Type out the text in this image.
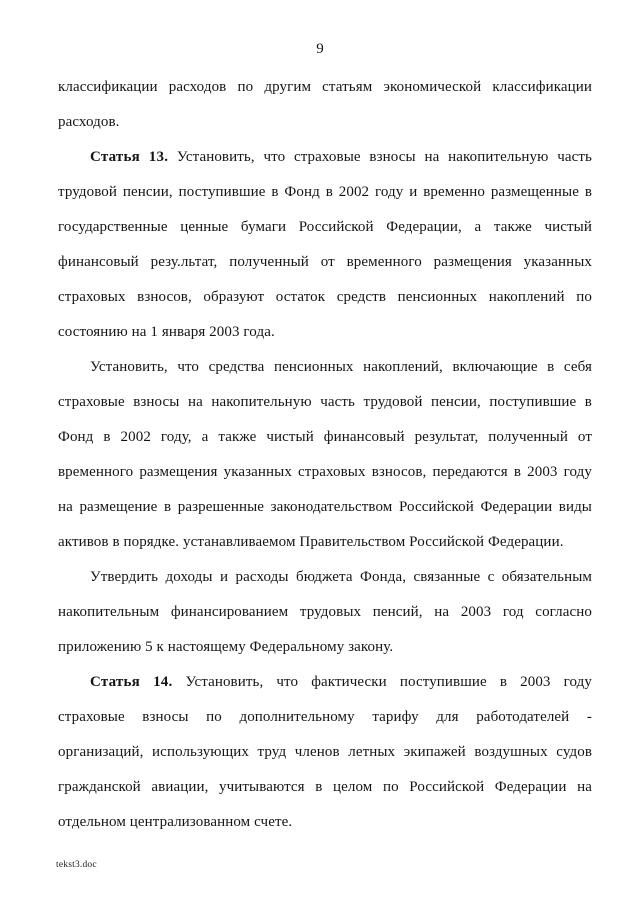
9
классификации расходов по другим статьям экономической классификации
расходов.
Статья 13. Установить, что страховые взносы на накопительную часть
трудовой пенсии, поступившие в Фонд в 2002 году и временно размещенные в
государственные ценные бумаги Российской Федерации, а также чистый
финансовый резу.льтат, полученный от временного размещения указанных
страховых взносов, образуют остаток средств пенсионных накоплений по
состоянию на 1 января 2003 года.
Установить, что средства пенсионных накоплений, включающие в себя
страховые взносы на накопительную часть трудовой пенсии, поступившие в
Фонд в 2002 году, а также чистый финансовый результат, полученный от
временного размещения указанных страховых взносов, передаются в 2003 году
на размещение в разрешенные законодательством Российской Федерации виды
активов в порядке. устанавливаемом Правительством Российской Федерации.
Утвердить доходы и расходы бюджета Фонда, связанные с обязательным
накопительным финансированием трудовых пенсий, на 2003 год согласно
приложению 5 к настоящему Федеральному закону.
Статья 14. Установить, что фактически поступившие в 2003 году
страховые взносы по дополнительному тарифу для работодателей -
организаций, использующих труд членов летных экипажей воздушных судов
гражданской авиации, учитываются в целом по Российской Федерации на
отдельном централизованном счете.
tekst3.doc
